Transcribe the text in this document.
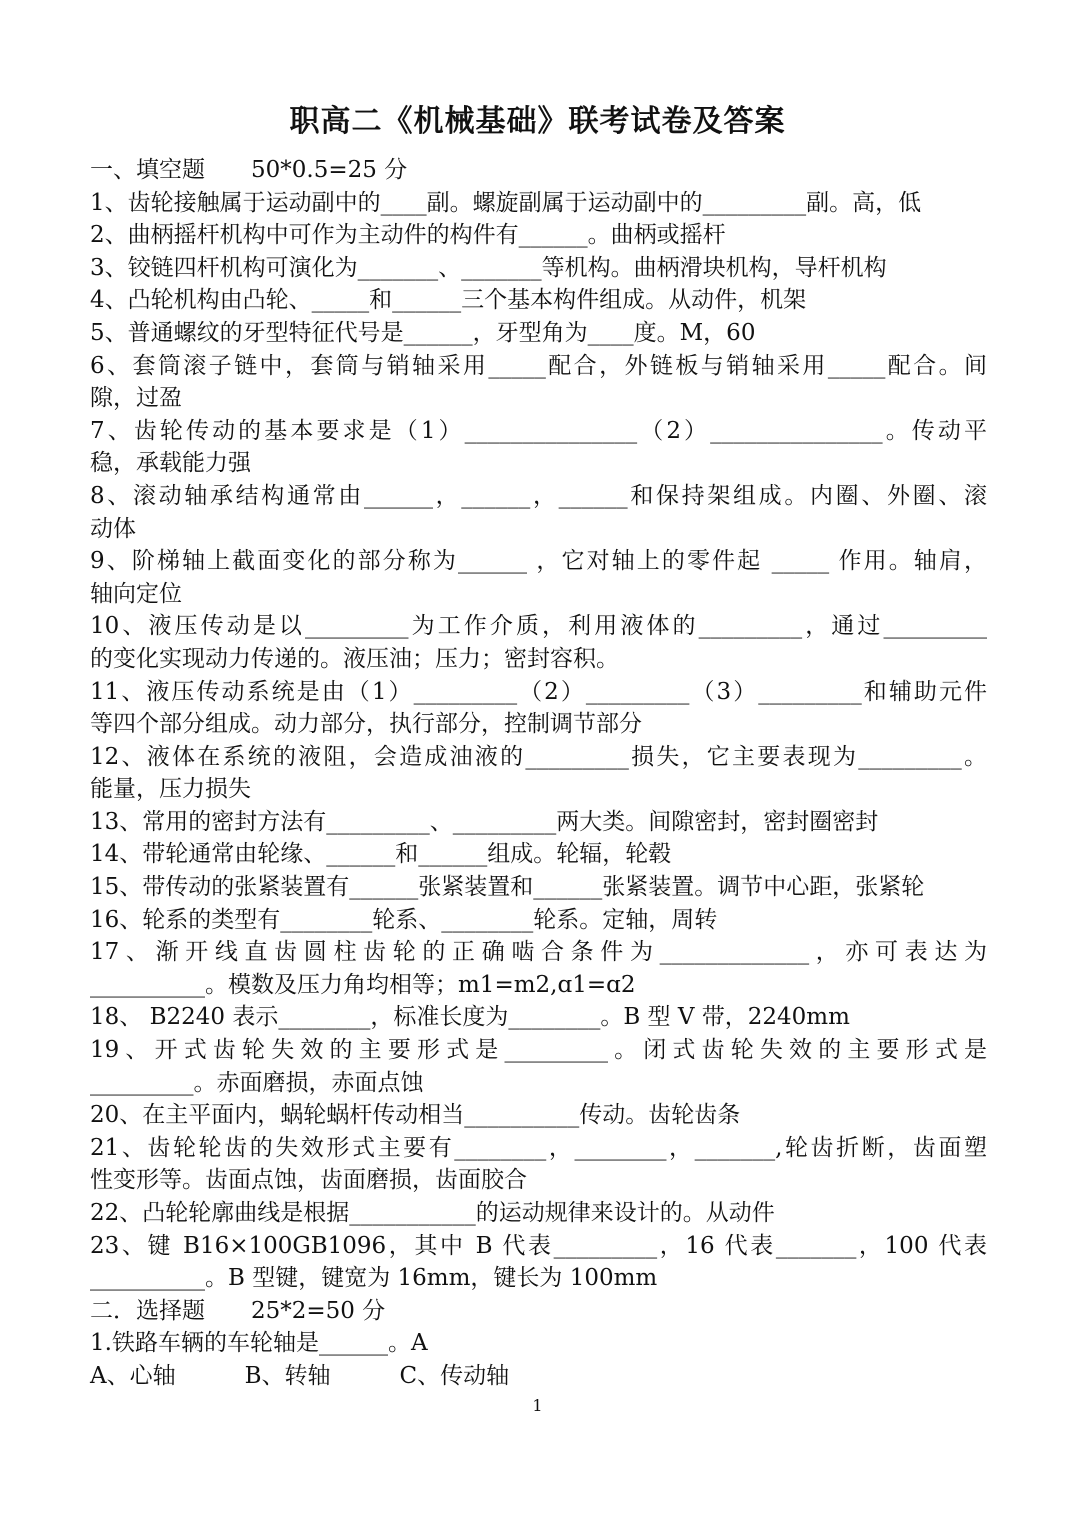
职高二《机械基础》联考试卷及答案
一、填空题　　50*0.5=25 分
1、齿轮接触属于运动副中的____副。螺旋副属于运动副中的_________副。高，低
2、曲柄摇杆机构中可作为主动件的构件有______。曲柄或摇杆
3、铰链四杆机构可演化为_______、_______等机构。曲柄滑块机构，导杆机构
4、凸轮机构由凸轮、_____和______三个基本构件组成。从动件，机架
5、普通螺纹的牙型特征代号是______，牙型角为____度。M，60
6、套筒滚子链中，套筒与销轴采用_____配合，外链板与销轴采用_____配合。间
隙，过盈
7、齿轮传动的基本要求是（1）_______________（2）_______________。传动平
稳，承载能力强
8、滚动轴承结构通常由______，______，______和保持架组成。内圈、外圈、滚
动体
9、阶梯轴上截面变化的部分称为______ ，它对轴上的零件起 _____ 作用。轴肩，
轴向定位
10、液压传动是以_________为工作介质，利用液体的_________，通过_________
的变化实现动力传递的。液压油；压力；密封容积。
11、液压传动系统是由（1）_________（2）_________（3）_________和辅助元件
等四个部分组成。动力部分，执行部分，控制调节部分
12、液体在系统的液阻，会造成油液的_________损失，它主要表现为_________。
能量，压力损失
13、常用的密封方法有_________、_________两大类。间隙密封，密封圈密封
14、带轮通常由轮缘、______和______组成。轮辐，轮毂
15、带传动的张紧装置有______张紧装置和______张紧装置。调节中心距，张紧轮
16、轮系的类型有________轮系、________轮系。定轴，周转
17、渐开线直齿圆柱齿轮的正确啮合条件为_____________，亦可表达为
__________。模数及压力角均相等；m1=m2,ɑ1=ɑ2
18、 B2240 表示________，标准长度为________。B 型 V 带，2240mm
19、开式齿轮失效的主要形式是_________。闭式齿轮失效的主要形式是
_________。赤面磨损，赤面点蚀
20、在主平面内，蜗轮蜗杆传动相当__________传动。齿轮齿条
21、齿轮轮齿的失效形式主要有________，________，_______,轮齿折断，齿面塑
性变形等。齿面点蚀，齿面磨损，齿面胶合
22、凸轮轮廓曲线是根据___________的运动规律来设计的。从动件
23、键 B16×100GB1096，其中 B 代表_________，16 代表_______，100 代表
__________。B 型键，键宽为 16mm，键长为 100mm
二．选择题　　25*2=50 分
1.铁路车辆的车轮轴是______。A
A、心轴　　　B、转轴　　　C、传动轴
1
